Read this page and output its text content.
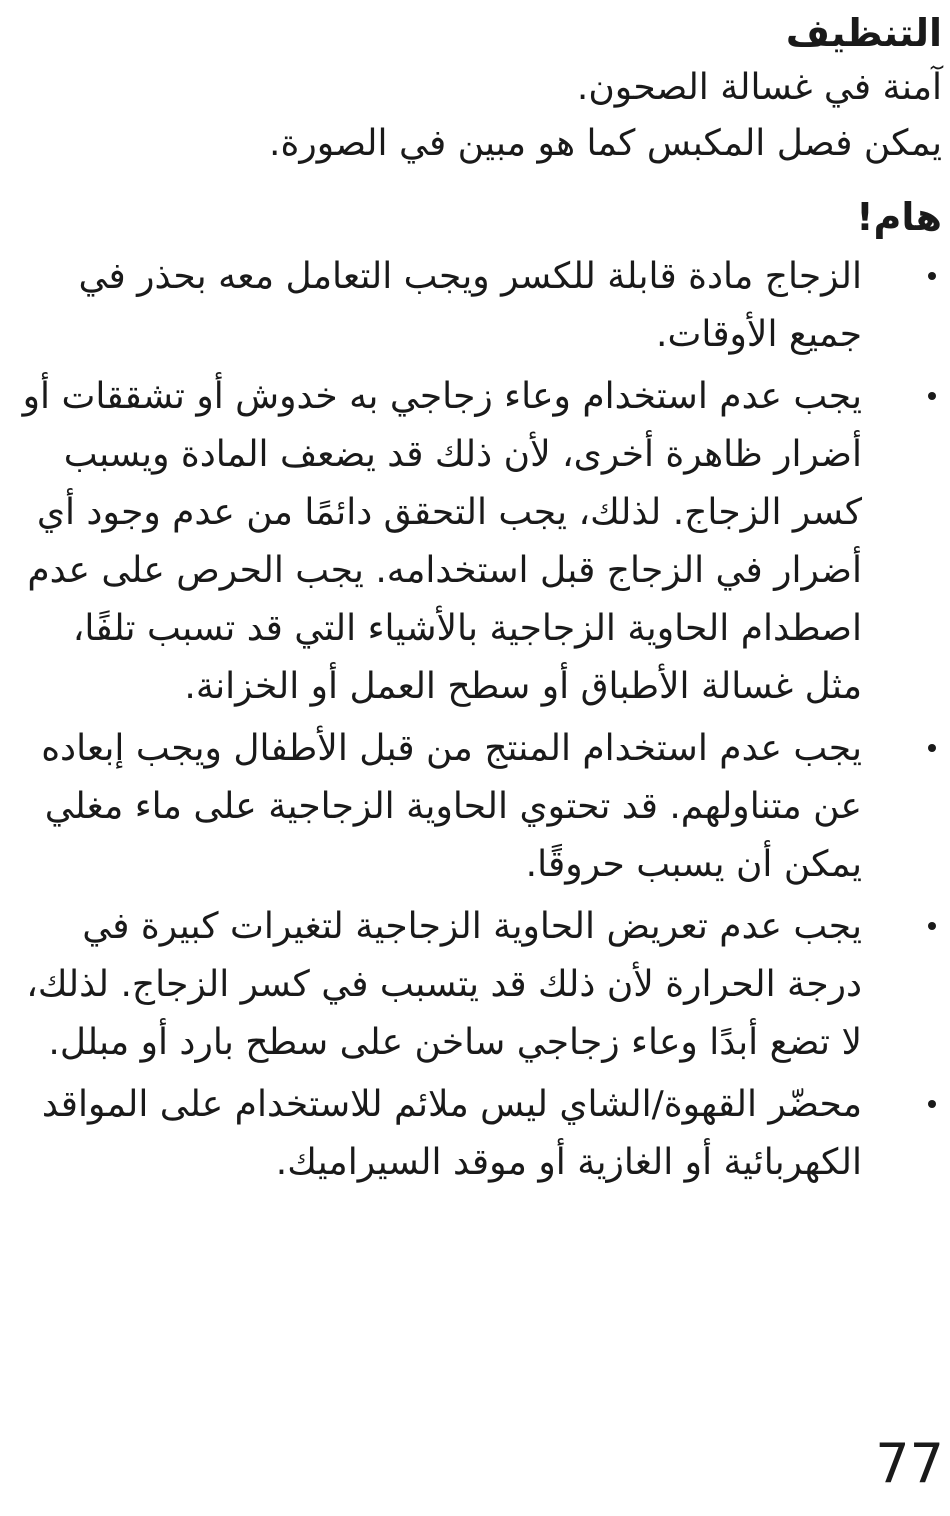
التنظيف

آمنة في غسالة الصحون.

يمكن فصل المكبس كما هو مبين في الصورة.

هام!
الزجاج مادة قابلة للكسر ويجب التعامل معه بحذر في جميع الأوقات.
يجب عدم استخدام وعاء زجاجي به خدوش أو تشققات أو أضرار ظاهرة أخرى، لأن ذلك قد يضعف المادة ويسبب كسر الزجاج. لذلك، يجب التحقق دائمًا من عدم وجود أي أضرار في الزجاج قبل استخدامه. يجب الحرص على عدم اصطدام الحاوية الزجاجية بالأشياء التي قد تسبب تلفًا، مثل غسالة الأطباق أو سطح العمل أو الخزانة.
يجب عدم استخدام المنتج من قبل الأطفال ويجب إبعاده عن متناولهم. قد تحتوي الحاوية الزجاجية على ماء مغلي يمكن أن يسبب حروقًا.
يجب عدم تعريض الحاوية الزجاجية لتغيرات كبيرة في درجة الحرارة لأن ذلك قد يتسبب في كسر الزجاج. لذلك، لا تضع أبدًا وعاء زجاجي ساخن على سطح بارد أو مبلل.
محضّر القهوة/الشاي ليس ملائم للاستخدام على المواقد الكهربائية أو الغازية أو موقد السيراميك.
77
